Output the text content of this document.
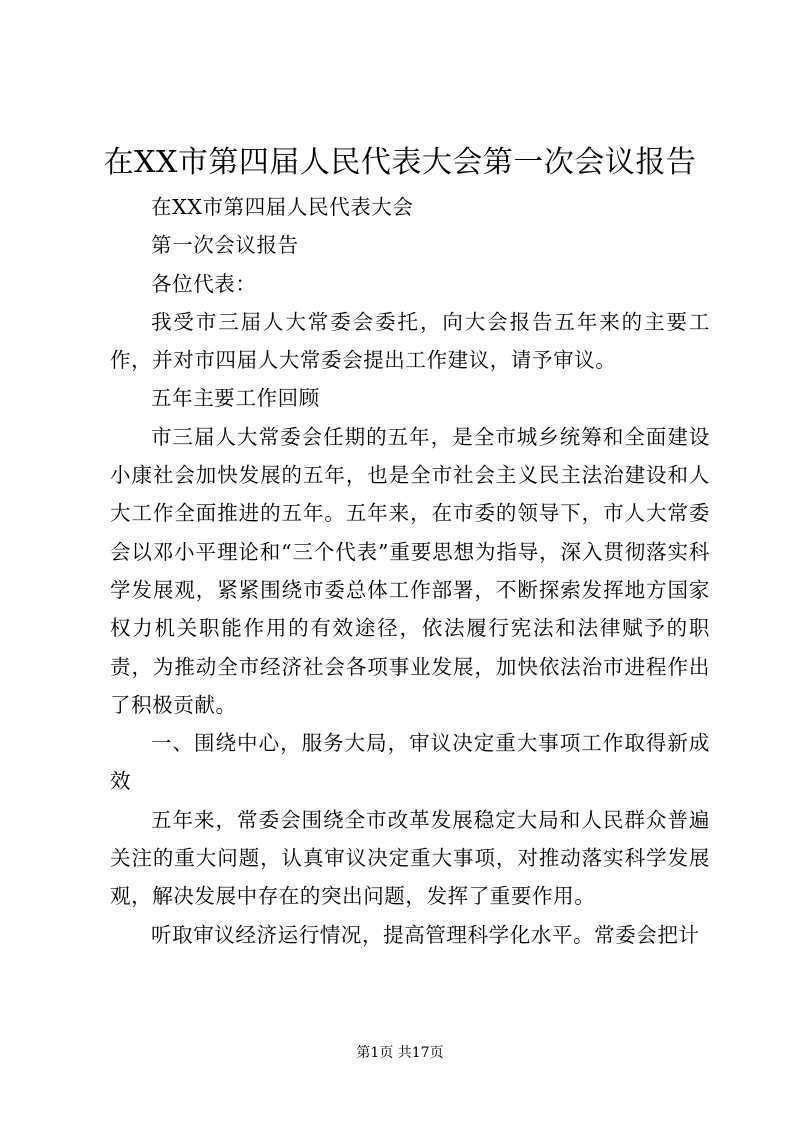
在XX市第四届人民代表大会第一次会议报告

在XX市第四届人民代表大会

第一次会议报告

各位代表：

我受市三届人大常委会委托，向大会报告五年来的主要工作，并对市四届人大常委会提出工作建议，请予审议。

五年主要工作回顾

市三届人大常委会任期的五年，是全市城乡统筹和全面建设小康社会加快发展的五年，也是全市社会主义民主法治建设和人大工作全面推进的五年。五年来，在市委的领导下，市人大常委会以邓小平理论和“三个代表”重要思想为指导，深入贯彻落实科学发展观，紧紧围绕市委总体工作部署，不断探索发挥地方国家权力机关职能作用的有效途径，依法履行宪法和法律赋予的职责，为推动全市经济社会各项事业发展，加快依法治市进程作出了积极贡献。

一、围绕中心，服务大局，审议决定重大事项工作取得新成效

五年来，常委会围绕全市改革发展稳定大局和人民群众普遍关注的重大问题，认真审议决定重大事项，对推动落实科学发展观，解决发展中存在的突出问题，发挥了重要作用。

听取审议经济运行情况，提高管理科学化水平。常委会把计

第1页 共17页
